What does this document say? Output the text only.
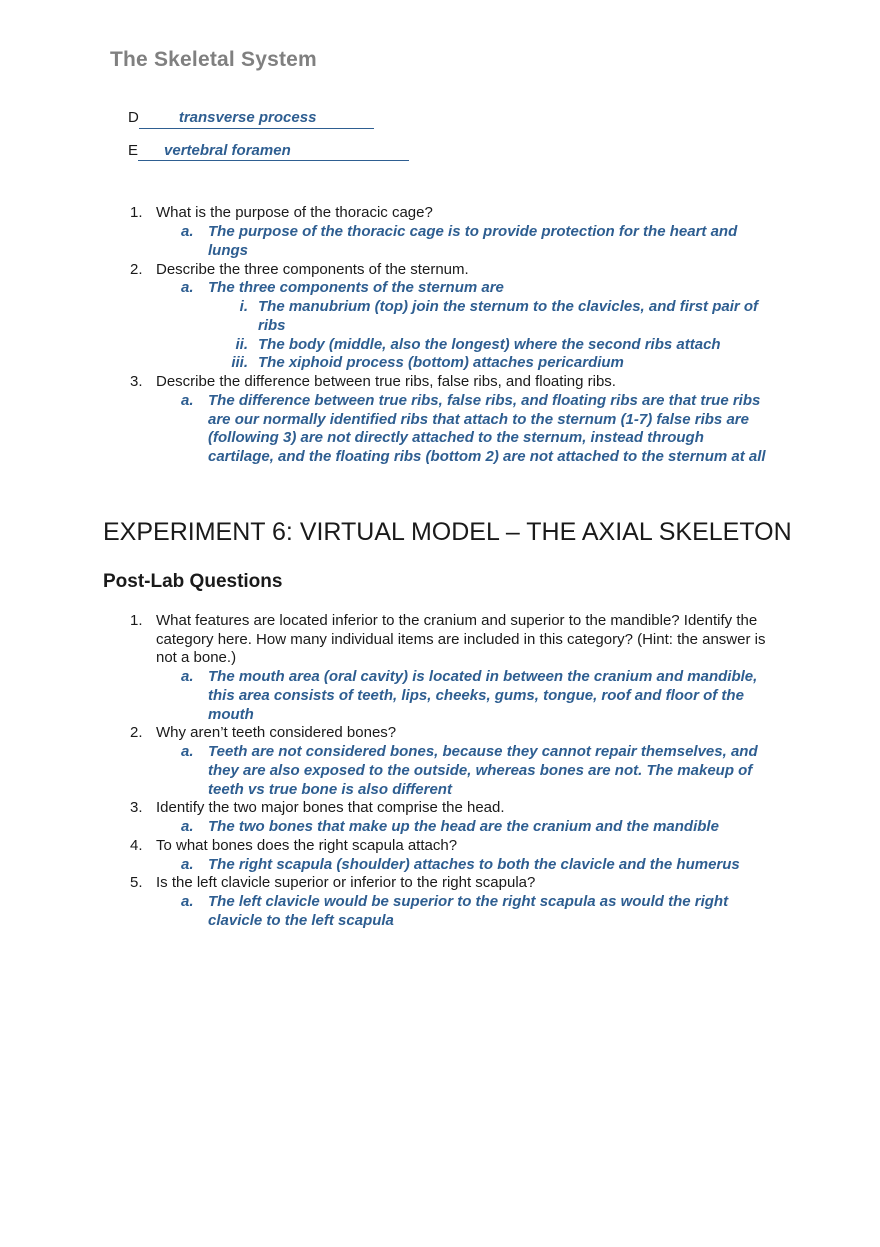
The Skeletal System
D	transverse process
E vertebral foramen
1. What is the purpose of the thoracic cage?
a. The purpose of the thoracic cage is to provide protection for the heart and lungs
2. Describe the three components of the sternum.
a. The three components of the sternum are
i. The manubrium (top) join the sternum to the clavicles, and first pair of ribs
ii. The body (middle, also the longest) where the second ribs attach
iii. The xiphoid process (bottom) attaches pericardium
3. Describe the difference between true ribs, false ribs, and floating ribs.
a. The difference between true ribs, false ribs, and floating ribs are that true ribs are our normally identified ribs that attach to the sternum (1-7) false ribs are (following 3) are not directly attached to the sternum, instead through cartilage, and the floating ribs (bottom 2) are not attached to the sternum at all
EXPERIMENT 6: VIRTUAL MODEL – THE AXIAL SKELETON
Post-Lab Questions
1. What features are located inferior to the cranium and superior to the mandible? Identify the category here. How many individual items are included in this category? (Hint: the answer is not a bone.)
a. The mouth area (oral cavity) is located in between the cranium and mandible, this area consists of teeth, lips, cheeks, gums, tongue, roof and floor of the mouth
2. Why aren’t teeth considered bones?
a. Teeth are not considered bones, because they cannot repair themselves, and they are also exposed to the outside, whereas bones are not. The makeup of teeth vs true bone is also different
3. Identify the two major bones that comprise the head.
a. The two bones that make up the head are the cranium and the mandible
4. To what bones does the right scapula attach?
a. The right scapula (shoulder) attaches to both the clavicle and the humerus
5. Is the left clavicle superior or inferior to the right scapula?
a. The left clavicle would be superior to the right scapula as would the right clavicle to the left scapula
